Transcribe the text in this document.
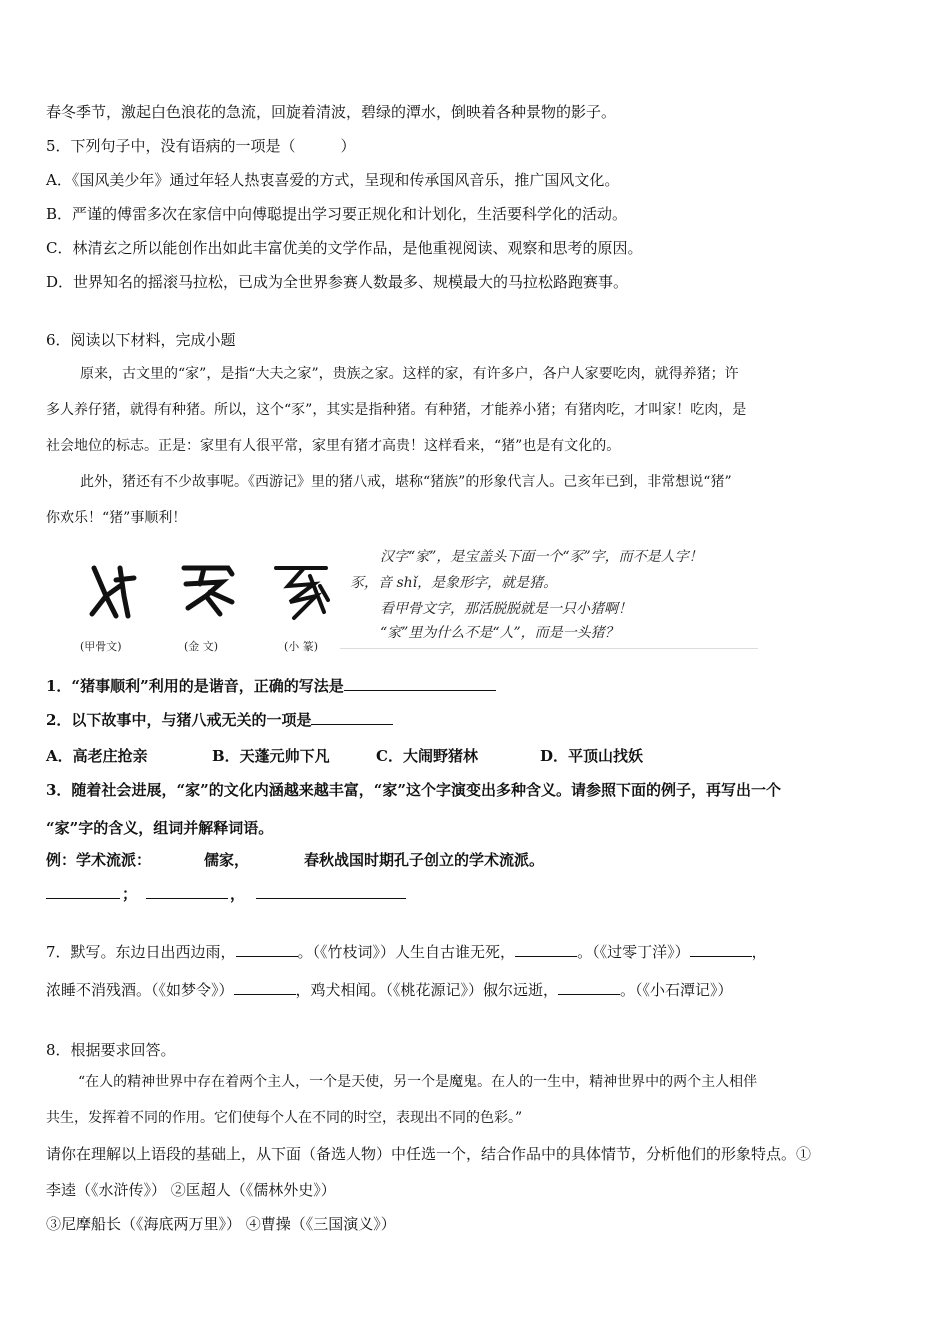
春冬季节，激起白色浪花的急流，回旋着清波，碧绿的潭水，倒映着各种景物的影子。
5．下列句子中，没有语病的一项是（　　　）
A．《国风美少年》通过年轻人热衷喜爱的方式，呈现和传承国风音乐，推广国风文化。
B．严谨的傅雷多次在家信中向傅聪提出学习要正规化和计划化，生活要科学化的活动。
C．林清玄之所以能创作出如此丰富优美的文学作品，是他重视阅读、观察和思考的原因。
D．世界知名的摇滚马拉松，已成为全世界参赛人数最多、规模最大的马拉松路跑赛事。
6．阅读以下材料，完成小题
原来，古文里的“家”，是指“大夫之家”，贵族之家。这样的家，有许多户，各户人家要吃肉，就得养猪；许
多人养仔猪，就得有种猪。所以，这个“豕”，其实是指种猪。有种猪，才能养小猪；有猪肉吃，才叫家！吃肉，是
社会地位的标志。正是：家里有人很平常，家里有猪才高贵！这样看来，“猪”也是有文化的。
此外，猪还有不少故事呢。《西游记》里的猪八戒，堪称“猪族”的形象代言人。己亥年已到，非常想说“猪”
你欢乐！“猪”事顺利！
(甲骨文)	(金 文)	(小 篆)
汉字“家”，是宝盖头下面一个“豕”字，而不是人字！
豕，音 shǐ，是象形字，就是猪。
看甲骨文字，那活脱脱就是一只小猪啊！
“家”里为什么不是“人”，而是一头猪？
1．“猪事顺利”利用的是谐音，正确的写法是
2．以下故事中，与猪八戒无关的一项是
A．高老庄抢亲	B．天蓬元帅下凡	C．大闹野猪林	D．平顶山找妖
3．随着社会进展，“家”的文化内涵越来越丰富，“家”这个字演变出多种含义。请参照下面的例子，再写出一个
“家”字的含义，组词并解释词语。
例：学术流派：	儒家，	春秋战国时期孔子创立的学术流派。
；	，
7．默写。东边日出西边雨，	。（《竹枝词》）人生自古谁无死，	。（《过零丁洋》）	，
浓睡不消残酒。（《如梦令》）	，鸡犬相闻。（《桃花源记》）俶尔远逝，	。（《小石潭记》）
8．根据要求回答。
“在人的精神世界中存在着两个主人，一个是天使，另一个是魔鬼。在人的一生中，精神世界中的两个主人相伴
共生，发挥着不同的作用。它们使每个人在不同的时空，表现出不同的色彩。”
请你在理解以上语段的基础上，从下面（备选人物）中任选一个，结合作品中的具体情节，分析他们的形象特点。①
李逵（《水浒传》） ②匡超人（《儒林外史》）
③尼摩船长（《海底两万里》） ④曹操（《三国演义》）
